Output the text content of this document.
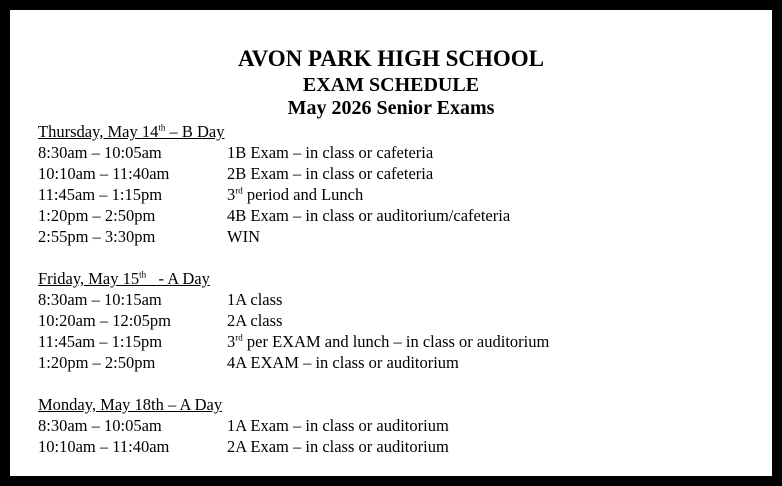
AVON PARK HIGH SCHOOL
EXAM SCHEDULE
May 2026 Senior Exams
Thursday, May 14th – B Day
8:30am – 10:05am	1B Exam – in class or cafeteria
10:10am – 11:40am	2B Exam – in class or cafeteria
11:45am – 1:15pm	3rd period and Lunch
1:20pm – 2:50pm	4B Exam – in class or auditorium/cafeteria
2:55pm – 3:30pm	WIN
Friday, May 15th   - A Day
8:30am – 10:15am	1A class
10:20am – 12:05pm	2A class
11:45am – 1:15pm	3rd per EXAM and lunch – in class or auditorium
1:20pm – 2:50pm	4A EXAM – in class or auditorium
Monday, May 18th – A Day
8:30am – 10:05am	1A Exam – in class or auditorium
10:10am – 11:40am	2A Exam – in class or auditorium
